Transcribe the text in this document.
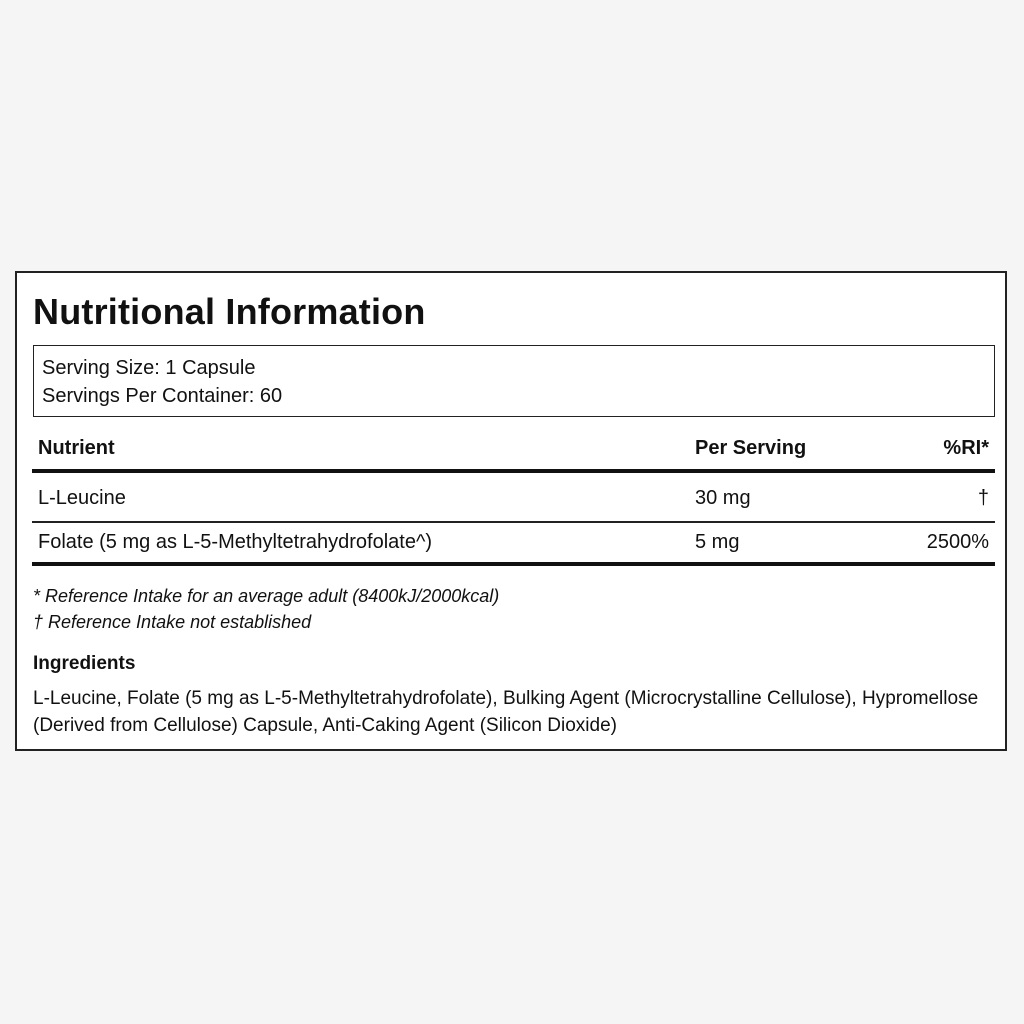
Nutritional Information
Serving Size: 1 Capsule
Servings Per Container: 60
Nutrient	Per Serving	%RI*
L-Leucine	30 mg	†
Folate (5 mg as L-5-Methyltetrahydrofolate^)	5 mg	2500%
* Reference Intake for an average adult (8400kJ/2000kcal)
† Reference Intake not established
Ingredients
L-Leucine, Folate (5 mg as L-5-Methyltetrahydrofolate), Bulking Agent (Microcrystalline Cellulose), Hypromellose (Derived from Cellulose) Capsule, Anti-Caking Agent (Silicon Dioxide)
